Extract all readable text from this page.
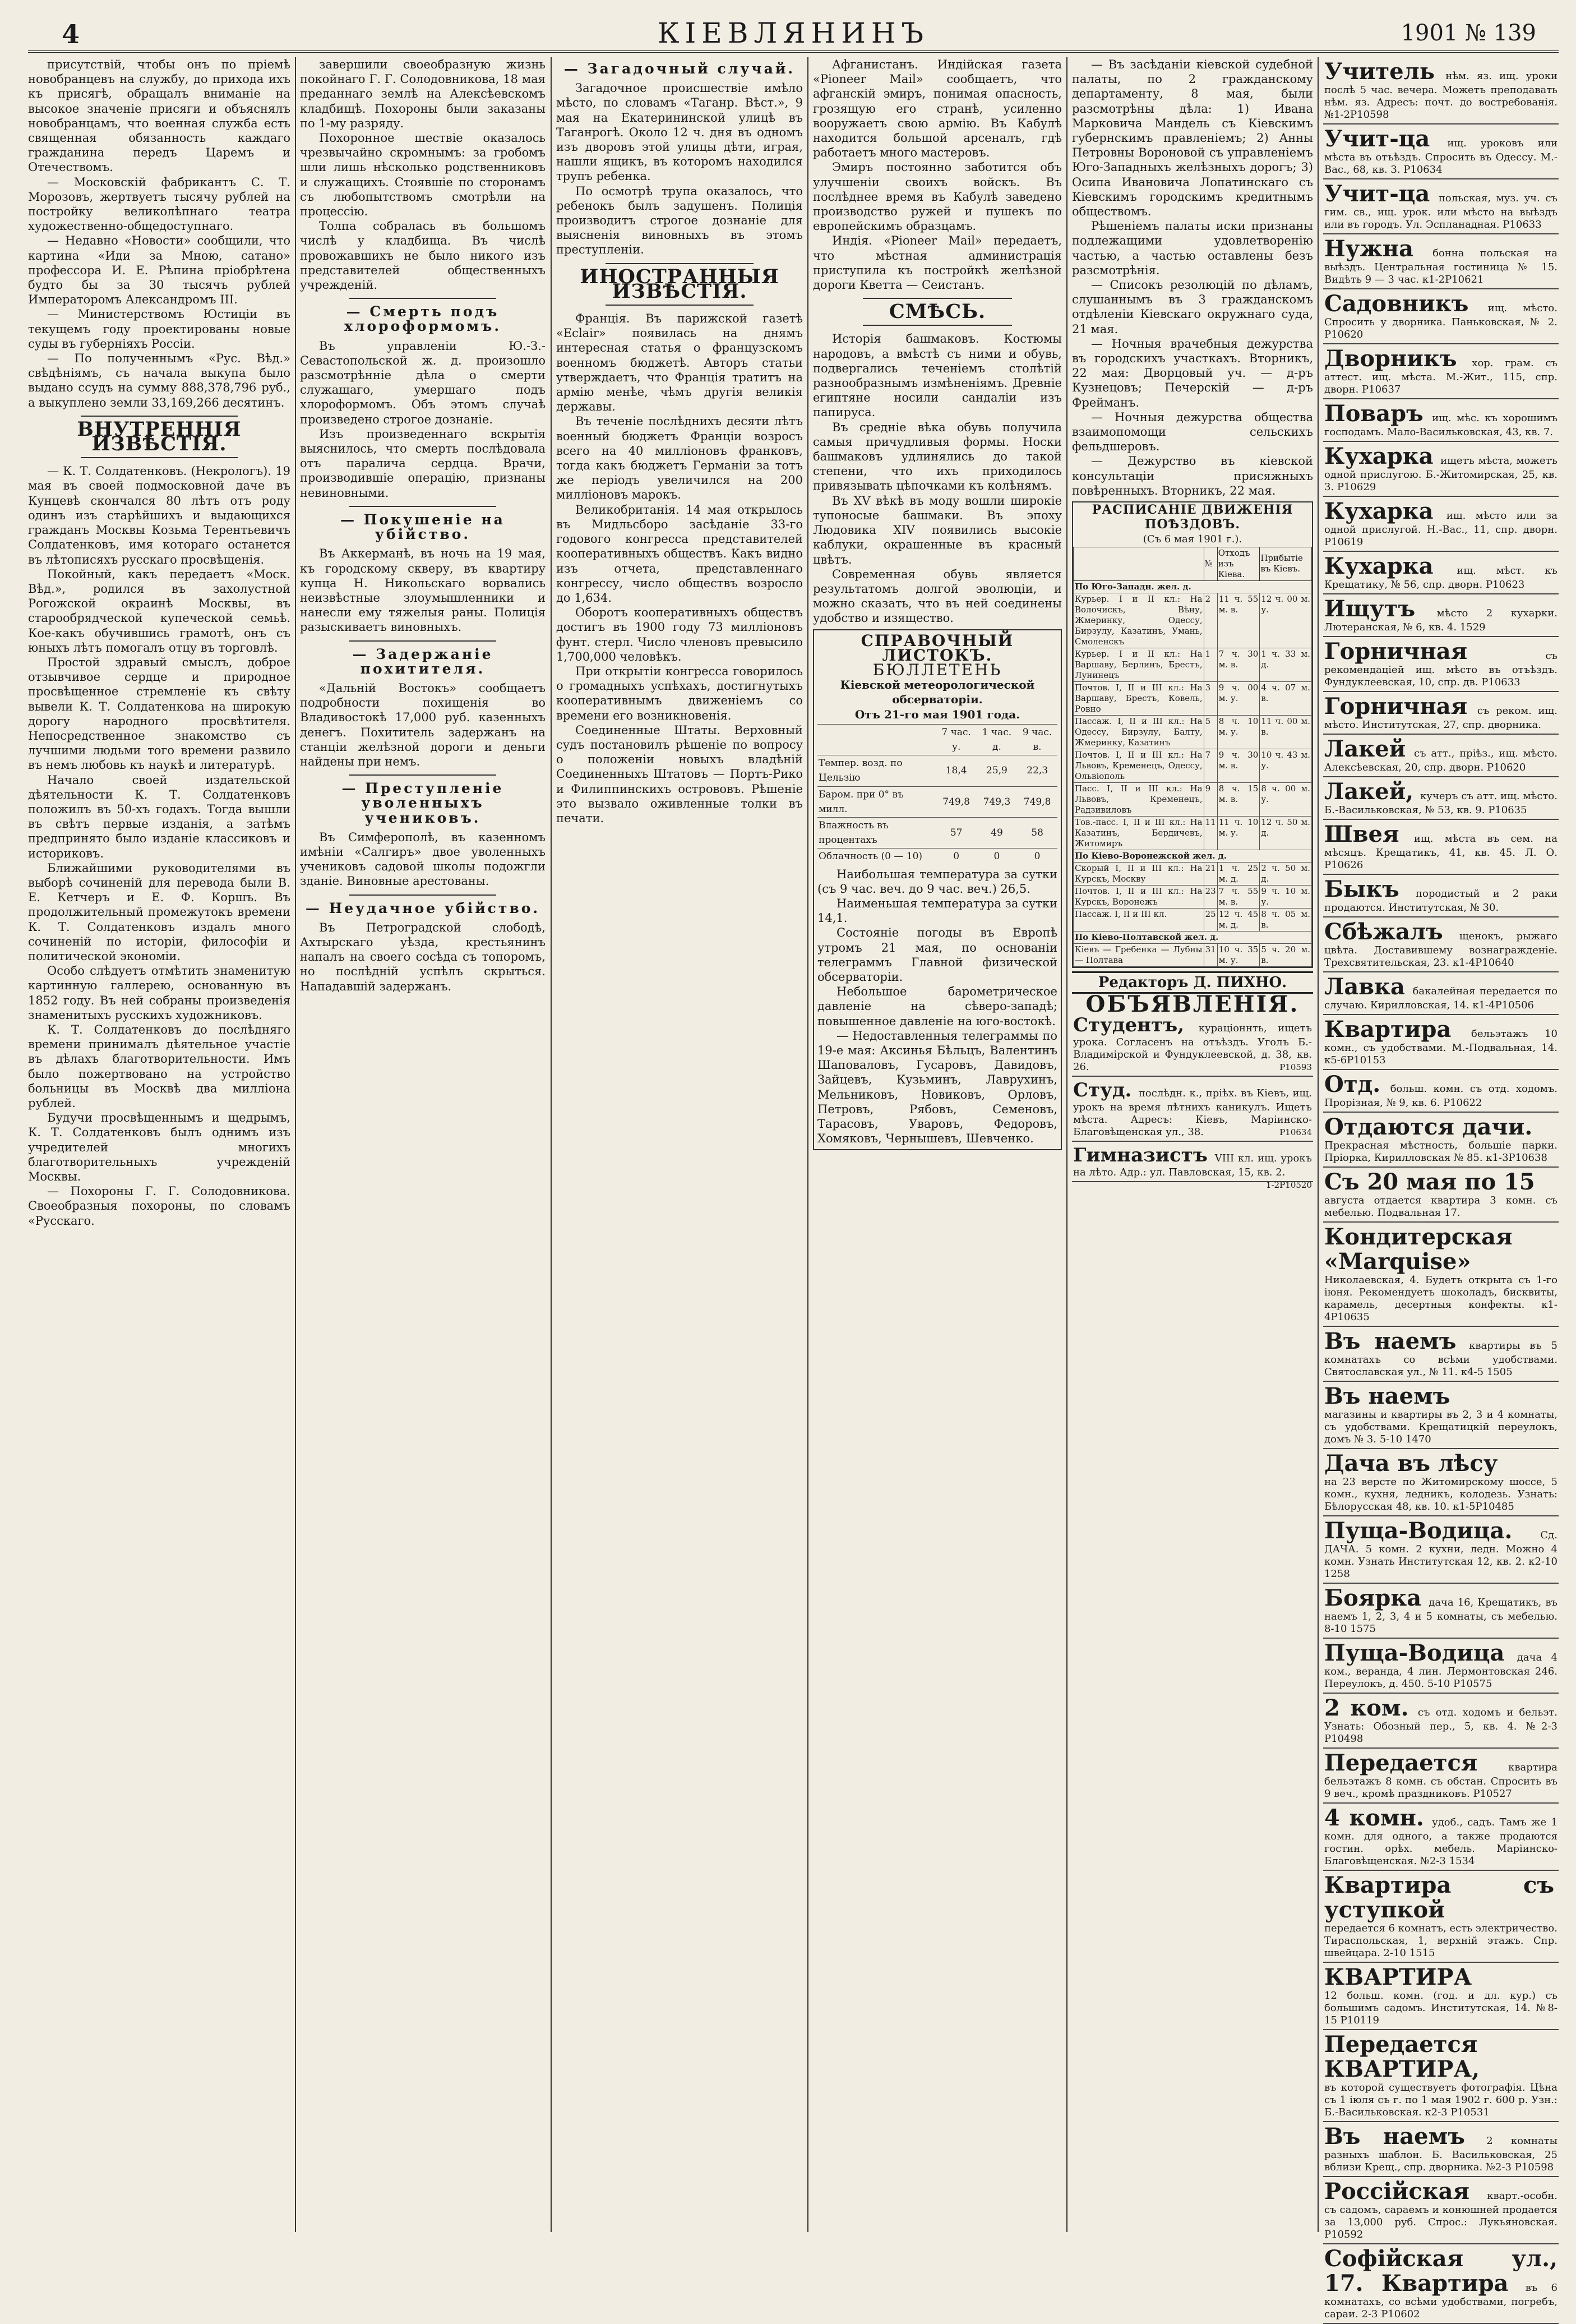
4	КІЕВЛЯНИНЪ	1901 № 139

присутствій, чтобы онъ по пріемѣ новобранцевъ на службу, до прихода ихъ къ присягѣ, обращалъ вниманіе на высокое значеніе присяги и объяснялъ новобранцамъ, что военная служба есть священная обязанность каждаго гражданина передъ Царемъ и Отечествомъ.

— Московскій фабрикантъ С. Т. Морозовъ, жертвуетъ тысячу рублей на постройку великолѣпнаго театра художественно-общедоступнаго.

— Недавно «Новости» сообщили, что картина «Иди за Мною, сатано» профессора И. Е. Рѣпина пріобрѣтена будто бы за 30 тысячъ рублей Императоромъ Александромъ III.

— Министерствомъ Юстиціи въ текущемъ году проектированы новые суды въ губерніяхъ Россіи.

— По полученнымъ «Рус. Вѣд.» свѣдѣніямъ, съ начала выкупа было выдано ссудъ на сумму 888,378,796 руб., а выкуплено земли 33,169,266 десятинъ.

ВНУТРЕННІЯ ИЗВѢСТІЯ.

— К. Т. Солдатенковъ. (Некрологъ). 19 мая въ своей подмосковной даче въ Кунцевѣ скончался 80 лѣтъ отъ роду одинъ изъ старѣйшихъ и выдающихся гражданъ Москвы Козьма Терентьевичъ Солдатенковъ, имя котораго останется въ лѣтописяхъ русскаго просвѣщенія.

Покойный, какъ передаетъ «Моск. Вѣд.», родился въ захолустной Рогожской окраинѣ Москвы, въ старообрядческой купеческой семьѣ. Кое-какъ обучившись грамотѣ, онъ съ юныхъ лѣтъ помогалъ отцу въ торговлѣ.

Простой здравый смыслъ, доброе отзывчивое сердце и природное просвѣщенное стремленіе къ свѣту вывели К. Т. Солдатенкова на широкую дорогу народного просвѣтителя. Непосредственное знакомство съ лучшими людьми того времени развило въ немъ любовь къ наукѣ и литературѣ.

Начало своей издательской дѣятельности К. Т. Солдатенковъ положилъ въ 50-хъ годахъ. Тогда вышли въ свѣтъ первые изданія, а затѣмъ предпринято было изданіе классиковъ и историковъ.

Ближайшими руководителями въ выборѣ сочиненій для перевода были В. Е. Кетчеръ и Е. Ф. Коршъ. Въ продолжительный промежутокъ времени К. Т. Солдатенковъ издалъ много сочиненій по исторіи, философіи и политической экономіи.

Особо слѣдуетъ отмѣтить знаменитую картинную галлерею, основанную въ 1852 году. Въ ней собраны произведенія знаменитыхъ русскихъ художниковъ.

К. Т. Солдатенковъ до послѣдняго времени принималъ дѣятельное участіе въ дѣлахъ благотворительности. Имъ было пожертвовано на устройство больницы въ Москвѣ два милліона рублей.

Будучи просвѣщеннымъ и щедрымъ, К. Т. Солдатенковъ былъ однимъ изъ учредителей многихъ благотворительныхъ учрежденій Москвы.

— Похороны Г. Г. Солодовникова. Своеобразныя похороны, по словамъ «Русскаго.

завершили своеобразную жизнь покойнаго Г. Г. Солодовникова, 18 мая преданнаго землѣ на Алексѣевскомъ кладбищѣ. Похороны были заказаны по 1-му разряду.

Похоронное шествіе оказалось чрезвычайно скромнымъ: за гробомъ шли лишь нѣсколько родственниковъ и служащихъ. Стоявшіе по сторонамъ съ любопытствомъ смотрѣли на процессію.

Толпа собралась въ большомъ числѣ у кладбища. Въ числѣ провожавшихъ не было никого изъ представителей общественныхъ учрежденій.

— Смерть подъ хлороформомъ.

Въ управленіи Ю.-З.-Севастопольской ж. д. произошло разсмотрѣнніе дѣла о смерти служащаго, умершаго подъ хлороформомъ. Объ этомъ случаѣ произведено строгое дознаніе.

Изъ произведеннаго вскрытія выяснилось, что смерть послѣдовала отъ паралича сердца. Врачи, производившіе операцію, признаны невиновными.

— Покушеніе на убійство.

Въ Аккерманѣ, въ ночь на 19 мая, къ городскому скверу, въ квартиру купца Н. Никольскаго ворвались неизвѣстные злоумышленники и нанесли ему тяжелыя раны. Полиція разыскиваетъ виновныхъ.

— Задержаніе похитителя.

«Дальній Востокъ» сообщаетъ подробности похищенія во Владивостокѣ 17,000 руб. казенныхъ денегъ. Похититель задержанъ на станціи желѣзной дороги и деньги найдены при немъ.

— Преступленіе уволенныхъ учениковъ.

Въ Симферополѣ, въ казенномъ имѣніи «Салгиръ» двое уволенныхъ учениковъ садовой школы подожгли зданіе. Виновные арестованы.

— Неудачное убійство.

Въ Петроградской слободѣ, Ахтырскаго уѣзда, крестьянинъ напалъ на своего сосѣда съ топоромъ, но послѣдній успѣлъ скрыться. Нападавшій задержанъ.

— Загадочный случай.

Загадочное происшествіе имѣло мѣсто, по словамъ «Таганр. Вѣст.», 9 мая на Екатерининской улицѣ въ Таганрогѣ. Около 12 ч. дня въ одномъ изъ дворовъ этой улицы дѣти, играя, нашли ящикъ, въ которомъ находился трупъ ребенка.

По осмотрѣ трупа оказалось, что ребенокъ былъ задушенъ. Полиція производитъ строгое дознаніе для выясненія виновныхъ въ этомъ преступленіи.

ИНОСТРАННЫЯ ИЗВѢСТІЯ.

Франція. Въ парижской газетѣ «Eclair» появилась на днямъ интересная статья о французскомъ военномъ бюджетѣ. Авторъ статьи утверждаетъ, что Франція тратитъ на армію менѣе, чѣмъ другія великія державы.

Въ теченіе послѣднихъ десяти лѣтъ военный бюджетъ Франціи возросъ всего на 40 милліоновъ франковъ, тогда какъ бюджетъ Германіи за тотъ же періодъ увеличился на 200 милліоновъ марокъ.

Великобританія. 14 мая открылось въ Мидльсборо засѣданіе 33-го годового конгресса представителей кооперативныхъ обществъ. Какъ видно изъ отчета, представленнаго конгрессу, число обществъ возросло до 1,634.

Оборотъ кооперативныхъ обществъ достигъ въ 1900 году 73 милліоновъ фунт. стерл. Число членовъ превысило 1,700,000 человѣкъ.

При открытіи конгресса говорилось о громадныхъ успѣхахъ, достигнутыхъ кооперативнымъ движеніемъ со времени его возникновенія.

Соединенные Штаты. Верховный судъ постановилъ рѣшеніе по вопросу о положеніи новыхъ владѣній Соединенныхъ Штатовъ — Портъ-Рико и Филиппинскихъ острововъ. Рѣшеніе это вызвало оживленные толки въ печати.

Афганистанъ. Индійская газета «Pioneer Mail» сообщаетъ, что афганскій эмиръ, понимая опасность, грозящую его странѣ, усиленно вооружаетъ свою армію. Въ Кабулѣ находится большой арсеналъ, гдѣ работаетъ много мастеровъ.

Эмиръ постоянно заботится объ улучшеніи своихъ войскъ. Въ послѣднее время въ Кабулѣ заведено производство ружей и пушекъ по европейскимъ образцамъ.

Индія. «Pioneer Mail» передаетъ, что мѣстная администрація приступила къ постройкѣ желѣзной дороги Кветта — Сеистанъ.

СМѢСЬ.

Исторія башмаковъ. Костюмы народовъ, а вмѣстѣ съ ними и обувь, подвергались теченіемъ столѣтій разнообразнымъ измѣненіямъ. Древніе египтяне носили сандаліи изъ папируса.

Въ средніе вѣка обувь получила самыя причудливыя формы. Носки башмаковъ удлинялись до такой степени, что ихъ приходилось привязывать цѣпочками къ колѣнямъ.

Въ XV вѣкѣ въ моду вошли широкіе тупоносые башмаки. Въ эпоху Людовика XIV появились высокіе каблуки, окрашенные въ красный цвѣтъ.

Современная обувь является результатомъ долгой эволюціи, и можно сказать, что въ ней соединены удобство и изящество.

СПРАВОЧНЫЙ ЛИСТОКЪ.
БЮЛЛЕТЕНЬ
Кіевской метеорологической обсерваторіи.
Отъ 21-го мая 1901 года.
	7 час. у.	1 час. д.	9 час. в.
Темпер. возд. по Цельзію	18,4	25,9	22,3
Баром. при 0° въ милл.	749,8	749,3	749,8
Влажность въ процентахъ	57	49	58
Облачность (0 — 10)	0	0	0

Наибольшая температура за сутки (съ 9 час. веч. до 9 час. веч.) 26,5.

Наименьшая температура за сутки 14,1.

Состояніе погоды въ Европѣ утромъ 21 мая, по основаніи телеграммъ Главной физической обсерваторіи.

Небольшое барометрическое давленіе на сѣверо-западѣ; повышенное давленіе на юго-востокѣ.

— Недоставленныя телеграммы по 19-е мая: Аксинья Бѣльцъ, Валентинъ Шаповаловъ, Гусаровъ, Давидовъ, Зайцевъ, Кузьминъ, Лаврухинъ, Мельниковъ, Новиковъ, Орловъ, Петровъ, Рябовъ, Семеновъ, Тарасовъ, Уваровъ, Федоровъ, Хомяковъ, Чернышевъ, Шевченко.

— Въ засѣданіи кіевской судебной палаты, по 2 гражданскому департаменту, 8 мая, были разсмотрѣны дѣла: 1) Ивана Марковича Мандель съ Кіевскимъ губернскимъ правленіемъ; 2) Анны Петровны Вороновой съ управленіемъ Юго-Западныхъ желѣзныхъ дорогъ; 3) Осипа Ивановича Лопатинскаго съ Кіевскимъ городскимъ кредитнымъ обществомъ.

Рѣшеніемъ палаты иски признаны подлежащими удовлетворенію частью, а частью оставлены безъ разсмотрѣнія.

— Списокъ резолюцій по дѣламъ, слушаннымъ въ 3 гражданскомъ отдѣленіи Кіевскаго окружнаго суда, 21 мая.

— Ночныя врачебныя дежурства въ городскихъ участкахъ. Вторникъ, 22 мая: Дворцовый уч. — д-ръ Кузнецовъ; Печерскій — д-ръ Фрейманъ.

— Ночныя дежурства общества взаимопомощи сельскихъ фельдшеровъ.

— Дежурство въ кіевской консультаціи присяжныхъ повѣренныхъ. Вторникъ, 22 мая.

РАСПИСАНІЕ ДВИЖЕНІЯ ПОѢЗДОВЪ.
(Съ 6 мая 1901 г.).
	№	Отходъ изъ Кіева.	Прибытіе въ Кіевъ.
По Юго-Западн. жел. д.			
Курьер. I и II кл.: На Волочискъ, Вѣну, Жмеринку, Одессу, Бирзулу, Казатинъ, Умань, Смоленскъ	2	11 ч. 55 м. в.	12 ч. 00 м. у.
Курьер. I и II кл.: На Варшаву, Берлинъ, Брестъ, Лунинецъ	1	7 ч. 30 м. в.	1 ч. 33 м. д.
Почтов. I, II и III кл.: На Варшаву, Брестъ, Ковель, Ровно	3	9 ч. 00 м. у.	4 ч. 07 м. в.
Пассаж. I, II и III кл.: На Одессу, Бирзулу, Балту, Жмеринку, Казатинъ	5	8 ч. 10 м. у.	11 ч. 00 м. в.
Почтов. I, II и III кл.: На Львовъ, Кременецъ, Одессу, Ольвіополь	7	9 ч. 30 м. в.	10 ч. 43 м. у.
Пасс. I, II и III кл.: На Львовъ, Кременецъ, Радзивиловъ	9	8 ч. 15 м. в.	8 ч. 00 м. у.
Тов.-пасс. I, II и III кл.: На Казатинъ, Бердичевъ, Житомиръ	11	11 ч. 10 м. у.	12 ч. 50 м. д.
По Кіево-Воронежской жел. д.			
Скорый I, II и III кл.: На Курскъ, Москву	21	1 ч. 25 м. д.	2 ч. 50 м. д.
Почтов. I, II и III кл.: На Курскъ, Воронежъ	23	7 ч. 55 м. в.	9 ч. 10 м. у.
Пассаж. I, II и III кл.	25	12 ч. 45 м. д.	8 ч. 05 м. в.
По Кіево-Полтавской жел. д.			
Кіевъ — Гребенка — Лубны — Полтава	31	10 ч. 35 м. у.	5 ч. 20 м. в.
Редакторъ Д. ПИХНО.
ОБЪЯВЛЕНІЯ.
Студентъ, кураціоннть, ищетъ урока. Согласенъ на отъѣздъ. Уголъ Б.-Владимірской и Фундуклеевской, д. 38, кв. 26.	Р10593
Студ. послѣдн. к., пріѣх. въ Кіевъ, ищ. урокъ на время лѣтнихъ каникулъ. Ищетъ мѣста. Адресъ: Кіевъ, Маріинско-Благовѣщенская ул., 38.	Р10634
Гимназистъ VIII кл. ищ. урокъ на лѣто. Адр.: ул. Павловская, 15, кв. 2.
1-2Р10520
Учитель нѣм. яз. ищ. уроки послѣ 5 час. вечера. Можетъ преподавать нѣм. яз. Адресъ: почт. до востребованія. №1-2Р10598
Учит-ца ищ. уроковъ или мѣста въ отъѣздъ. Спросить въ Одессу. М.-Вас., 68, кв. 3. Р10634
Учит-ца польская, муз. уч. съ гим. св., ищ. урок. или мѣсто на выѣздъ или въ городъ. Ул. Эспланадная. Р10633
Нужна бонна польская на выѣздъ. Центральная гостиница № 15. Видѣть 9 — 3 час. к1-2Р10621
Садовникъ ищ. мѣсто. Спросить у дворника. Паньковская, № 2. Р10620
Дворникъ хор. грам. съ аттест. ищ. мѣста. М.-Жит., 115, спр. дворн. Р10637
Поваръ ищ. мѣс. къ хорошимъ господамъ. Мало-Васильковская, 43, кв. 7.
Кухарка ищетъ мѣста, можетъ одной прислугою. Б.-Житомирская, 25, кв. 3. Р10629
Кухарка ищ. мѣсто или за одной прислугой. Н.-Вас., 11, спр. дворн. Р10619
Кухарка ищ. мѣст. къ Крещатику, № 56, спр. дворн. Р10623
Ищутъ мѣсто 2 кухарки. Лютеранская, № 6, кв. 4. 1529
Горничная съ рекомендаціей ищ. мѣсто въ отъѣздъ. Фундуклеевская, 10, спр. дв. Р10633
Горничная съ реком. ищ. мѣсто. Институтская, 27, спр. дворника.
Лакей съ атт., пріѣз., ищ. мѣсто. Алексѣевская, 20, спр. дворн. Р10620
Лакей, кучеръ съ атт. ищ. мѣсто. Б.-Васильковская, № 53, кв. 9. Р10635
Швея ищ. мѣста въ сем. на мѣсяцъ. Крещатикъ, 41, кв. 45. Л. О. Р10626
Быкъ породистый и 2 раки продаются. Институтская, № 30.
Сбѣжалъ щенокъ, рыжаго цвѣта. Доставившему вознагражденіе. Трехсвятительская, 23. к1-4Р10640
Лавка бакалейная передается по случаю. Кирилловская, 14. к1-4Р10506
Квартира бельэтажъ 10 комн., съ удобствами. М.-Подвальная, 14. к5-6Р10153
Отд. больш. комн. съ отд. ходомъ. Прорізная, № 9, кв. 6. Р10622
Отдаются дачи.
Прекрасная мѣстность, большіе парки. Пріорка, Кирилловская № 85. к1-3Р10638
Съ 20 мая по 15
августа отдается квартира 3 комн. съ мебелью. Подвальная 17.
Кондитерская «Marquise»
Николаевская, 4. Будетъ открыта съ 1-го іюня. Рекомендуетъ шоколадъ, бисквиты, карамель, десертныя конфекты. к1-4Р10635
Въ наемъ квартиры въ 5 комнатахъ со всѣми удобствами. Святославская ул., № 11. к4-5 1505
Въ наемъ
магазины и квартиры въ 2, 3 и 4 комнаты, съ удобствами. Крещатицкій переулокъ, домъ № 3. 5-10 1470
Дача въ лѣсу
на 23 версте по Житомирскому шоссе, 5 комн., кухня, ледникъ, колодезь. Узнать: Бѣлорусская 48, кв. 10. к1-5Р10485
Пуща-Водица. Сд. ДАЧА. 5 комн. 2 кухни, ледн. Можно 4 комн. Узнать Институтская 12, кв. 2. к2-10 1258
Боярка дача 16, Крещатикъ, въ наемъ 1, 2, 3, 4 и 5 комнаты, съ мебелью. 8-10 1575
Пуща-Водица дача 4 ком., веранда, 4 лин. Лермонтовская 246. Переулокъ, д. 450. 5-10 Р10575
2 ком. съ отд. ходомъ и бельэт. Узнать: Обозный пер., 5, кв. 4. №2-3 Р10498
Передается квартира бельэтажъ 8 комн. съ обстан. Спросить въ 9 веч., кромѣ праздниковъ. Р10527
4 комн. удоб., садъ. Тамъ же 1 комн. для одного, а также продаются гостин. орѣх. мебель. Маріинско-Благовѣщенская. №2-3 1534
Квартира съ уступкой
передается 6 комнатъ, есть электричество. Тираспольская, 1, верхній этажъ. Спр. швейцара. 2-10 1515
КВАРТИРА
12 больш. комн. (год. и дл. кур.) съ большимъ садомъ. Институтская, 14. №8-15 Р10119
Передается КВАРТИРА,
въ которой существуетъ фотографія. Цѣна съ 1 іюля съ г. по 1 мая 1902 г. 600 р. Узн.: Б.-Васильковская. к2-3 Р10531
Въ наемъ 2 комнаты разныхъ шаблон. Б. Васильковская, 25 вблизи Крещ., спр. дворника. №2-3 Р10598
Россійская кварт.-особн. съ садомъ, сараемъ и конюшней продается за 13,000 руб. Спрос.: Лукьяновская. Р10592
Софійская ул., 17. Квартира въ 6 комнатахъ, со всѣми удобствами, погребъ, сараи. 2-3 Р10602
